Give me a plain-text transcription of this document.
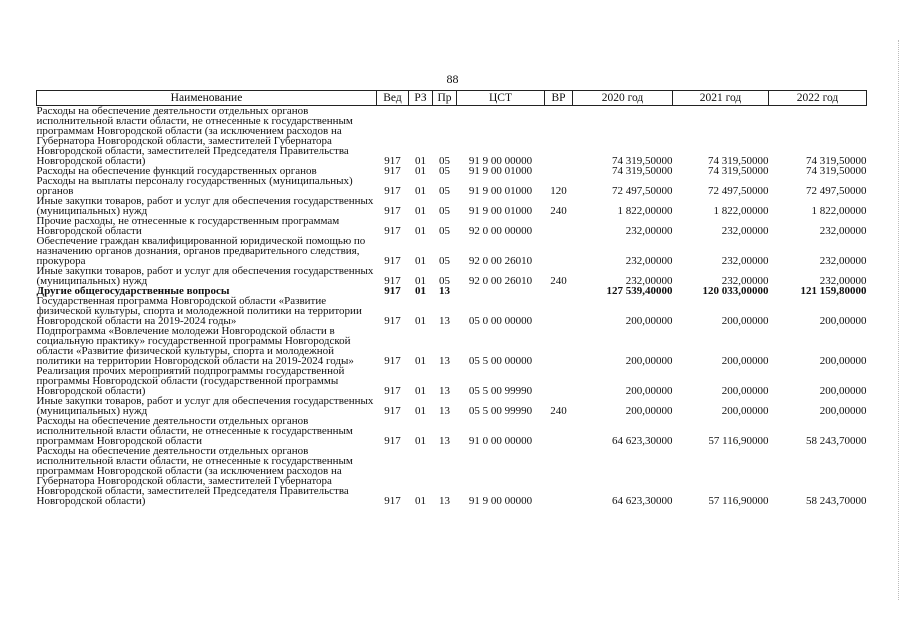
88
Наименование	Вед	РЗ	Пр	ЦСТ	ВР	2020 год	2021 год	2022 год
Расходы на обеспечение деятельности отдельных органов исполнительной власти области, не отнесенные к государственным программам Новгородской области (за исключением расходов на Губернатора Новгородской области, заместителей Губернатора Новгородской области, заместителей Председателя Правительства Новгородской области)	917	01	05	91 9 00 00000		74 319,50000	74 319,50000	74 319,50000
Расходы на обеспечение функций государственных органов	917	01	05	91 9 00 01000		74 319,50000	74 319,50000	74 319,50000
Расходы на выплаты персоналу государственных (муниципальных) органов	917	01	05	91 9 00 01000	120	72 497,50000	72 497,50000	72 497,50000
Иные закупки товаров, работ и услуг для обеспечения государственных (муниципальных) нужд	917	01	05	91 9 00 01000	240	1 822,00000	1 822,00000	1 822,00000
Прочие расходы, не отнесенные к государственным программам Новгородской области	917	01	05	92 0 00 00000		232,00000	232,00000	232,00000
Обеспечение граждан квалифицированной юридической помощью по назначению органов дознания, органов предварительного следствия, прокурора	917	01	05	92 0 00 26010		232,00000	232,00000	232,00000
Иные закупки товаров, работ и услуг для обеспечения государственных (муниципальных) нужд	917	01	05	92 0 00 26010	240	232,00000	232,00000	232,00000
Другие общегосударственные вопросы	917	01	13			127 539,40000	120 033,00000	121 159,80000
Государственная программа Новгородской области «Развитие физической культуры, спорта и молодежной политики на территории Новгородской области на 2019-2024 годы»	917	01	13	05 0 00 00000		200,00000	200,00000	200,00000
Подпрограмма «Вовлечение молодежи Новгородской области в социальную практику» государственной программы Новгородской области «Развитие физической культуры, спорта и молодежной политики на территории Новгородской области на 2019-2024 годы»	917	01	13	05 5 00 00000		200,00000	200,00000	200,00000
Реализация прочих мероприятий подпрограммы государственной программы Новгородской области (государственной программы Новгородской области)	917	01	13	05 5 00 99990		200,00000	200,00000	200,00000
Иные закупки товаров, работ и услуг для обеспечения государственных (муниципальных) нужд	917	01	13	05 5 00 99990	240	200,00000	200,00000	200,00000
Расходы на обеспечение деятельности отдельных органов исполнительной власти области, не отнесенные к государственным программам Новгородской области	917	01	13	91 0 00 00000		64 623,30000	57 116,90000	58 243,70000
Расходы на обеспечение деятельности отдельных органов исполнительной власти области, не отнесенные к государственным программам Новгородской области (за исключением расходов на Губернатора Новгородской области, заместителей Губернатора Новгородской области, заместителей Председателя Правительства Новгородской области)	917	01	13	91 9 00 00000		64 623,30000	57 116,90000	58 243,70000
